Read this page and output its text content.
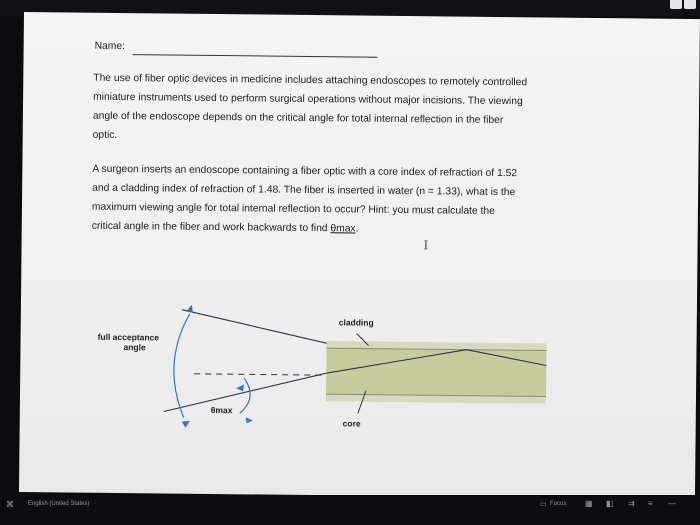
Name:
The use of fiber optic devices in medicine includes attaching endoscopes to remotely controlled
miniature instruments used to perform surgical operations without major incisions. The viewing
angle of the endoscope depends on the critical angle for total internal reflection in the fiber
optic.
A surgeon inserts an endoscope containing a fiber optic with a core index of refraction of 1.52
and a cladding index of refraction of 1.48. The fiber is inserted in water (n = 1.33), what is the
maximum viewing angle for total internal reflection to occur? Hint: you must calculate the
critical angle in the fiber and work backwards to find θmax.
I
cladding
full acceptance
angle
θmax
core
⌘ English (United States)	▭ Focus ▦ ◧ ⇉ ≡ —
